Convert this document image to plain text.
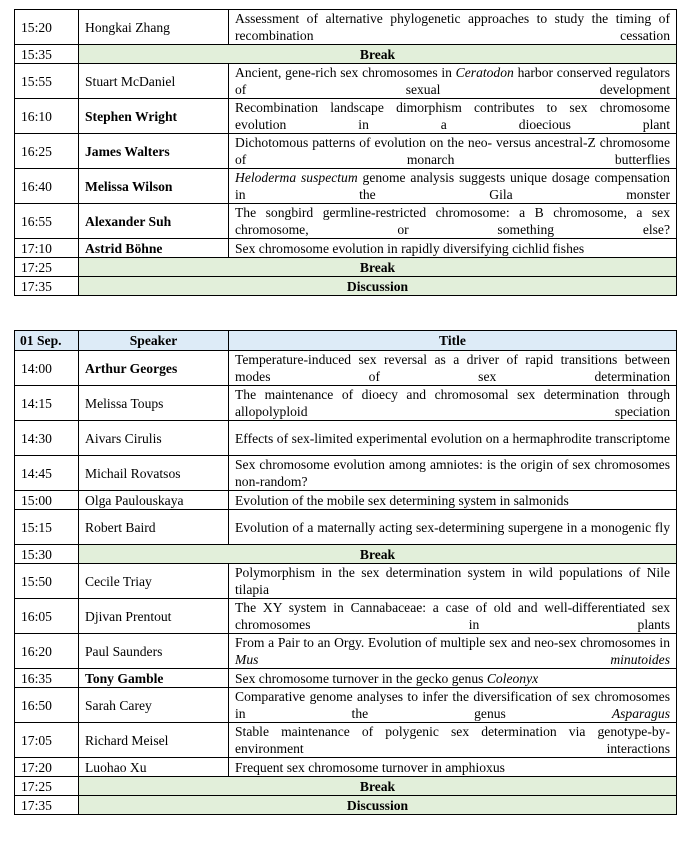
15:20	Hongkai Zhang	Assessment of alternative phylogenetic approaches to study the timing of recombination cessation
15:35	Break	
15:55	Stuart McDaniel	Ancient, gene-rich sex chromosomes in Ceratodon harbor conserved regulators of sexual development
16:10	Stephen Wright	Recombination landscape dimorphism contributes to sex chromosome evolution in a dioecious plant
16:25	James Walters	Dichotomous patterns of evolution on the neo- versus ancestral-Z chromosome of monarch butterflies
16:40	Melissa Wilson	Heloderma suspectum genome analysis suggests unique dosage compensation in the Gila monster
16:55	Alexander Suh	The songbird germline-restricted chromosome: a B chromosome, a sex chromosome, or something else?
17:10	Astrid Böhne	Sex chromosome evolution in rapidly diversifying cichlid fishes
17:25	Break	
17:35	Discussion	
01 Sep.	Speaker	Title
14:00	Arthur Georges	Temperature-induced sex reversal as a driver of rapid transitions between modes of sex determination
14:15	Melissa Toups	The maintenance of dioecy and chromosomal sex determination through allopolyploid speciation
14:30	Aivars Cirulis	Effects of sex-limited experimental evolution on a hermaphrodite transcriptome
14:45	Michail Rovatsos	Sex chromosome evolution among amniotes: is the origin of sex chromosomes non-random?
15:00	Olga Paulouskaya	Evolution of the mobile sex determining system in salmonids
15:15	Robert Baird	Evolution of a maternally acting sex-determining supergene in a monogenic fly
15:30	Break	
15:50	Cecile Triay	Polymorphism in the sex determination system in wild populations of Nile tilapia
16:05	Djivan Prentout	The XY system in Cannabaceae: a case of old and well-differentiated sex chromosomes in plants
16:20	Paul Saunders	From a Pair to an Orgy. Evolution of multiple sex and neo-sex chromosomes in Mus minutoides
16:35	Tony Gamble	Sex chromosome turnover in the gecko genus Coleonyx
16:50	Sarah Carey	Comparative genome analyses to infer the diversification of sex chromosomes in the genus Asparagus
17:05	Richard Meisel	Stable maintenance of polygenic sex determination via genotype-by-environment interactions
17:20	Luohao Xu	Frequent sex chromosome turnover in amphioxus
17:25	Break	
17:35	Discussion	
